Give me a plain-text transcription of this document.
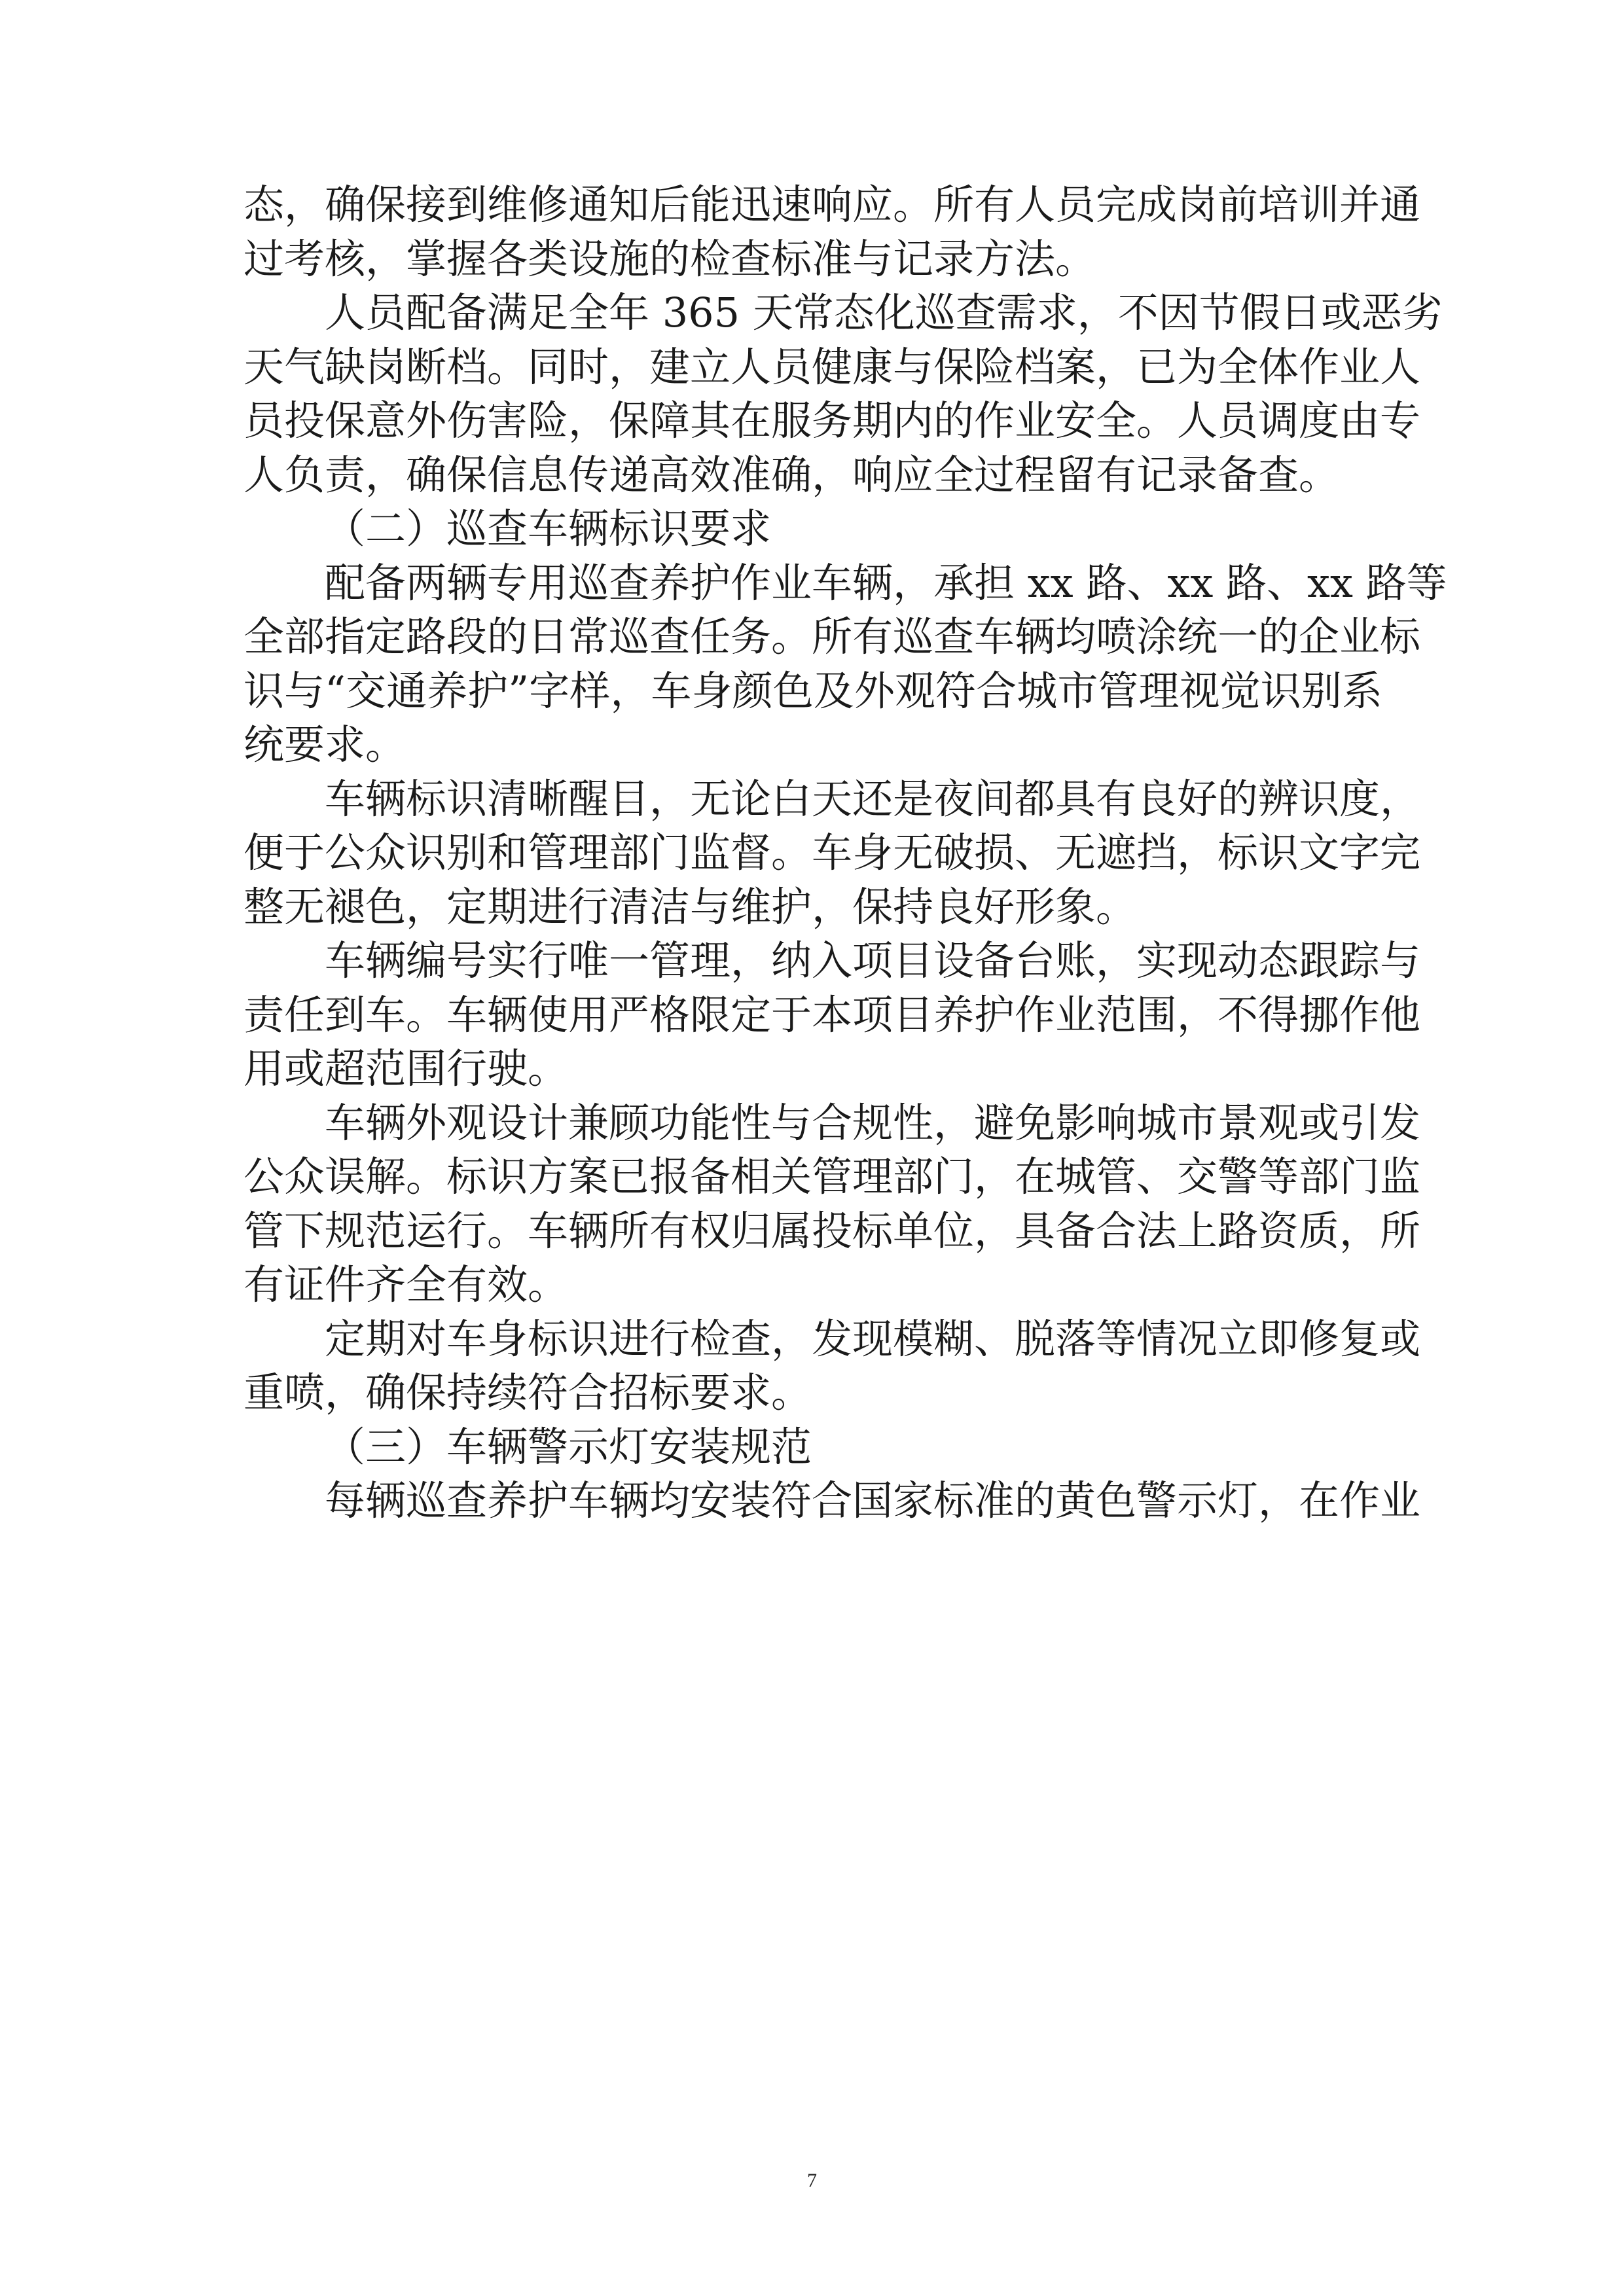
态，确保接到维修通知后能迅速响应。所有人员完成岗前培训并通
过考核，掌握各类设施的检查标准与记录方法。
人员配备满足全年 365 天常态化巡查需求，不因节假日或恶劣
天气缺岗断档。同时，建立人员健康与保险档案，已为全体作业人
员投保意外伤害险，保障其在服务期内的作业安全。人员调度由专
人负责，确保信息传递高效准确，响应全过程留有记录备查。
（二）巡查车辆标识要求
配备两辆专用巡查养护作业车辆，承担 xx 路、xx 路、xx 路等
全部指定路段的日常巡查任务。所有巡查车辆均喷涂统一的企业标
识与“交通养护”字样，车身颜色及外观符合城市管理视觉识别系
统要求。
车辆标识清晰醒目，无论白天还是夜间都具有良好的辨识度，
便于公众识别和管理部门监督。车身无破损、无遮挡，标识文字完
整无褪色，定期进行清洁与维护，保持良好形象。
车辆编号实行唯一管理，纳入项目设备台账，实现动态跟踪与
责任到车。车辆使用严格限定于本项目养护作业范围，不得挪作他
用或超范围行驶。
车辆外观设计兼顾功能性与合规性，避免影响城市景观或引发
公众误解。标识方案已报备相关管理部门，在城管、交警等部门监
管下规范运行。车辆所有权归属投标单位，具备合法上路资质，所
有证件齐全有效。
定期对车身标识进行检查，发现模糊、脱落等情况立即修复或
重喷，确保持续符合招标要求。
（三）车辆警示灯安装规范
每辆巡查养护车辆均安装符合国家标准的黄色警示灯，在作业
7
